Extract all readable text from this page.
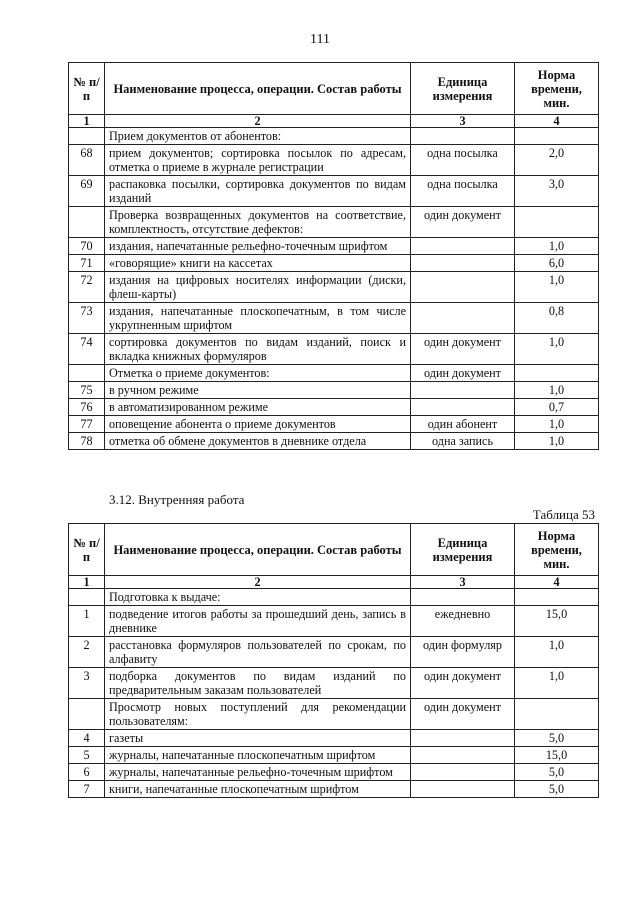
111
№ п/п	Наименование процесса, операции. Состав работы	Единица измерения	Норма времени, мин.
1	2	3	4
	Прием документов от абонентов:		
68	прием документов; сортировка посылок по адресам, отметка о приеме в журнале регистрации	одна посылка	2,0
69	распаковка посылки, сортировка документов по видам изданий	одна посылка	3,0
	Проверка возвращенных документов на соответствие, комплектность, отсутствие дефектов:	один документ	
70	издания, напечатанные рельефно-точечным шрифтом		1,0
71	«говорящие» книги на кассетах		6,0
72	издания на цифровых носителях информации (диски, флеш-карты)		1,0
73	издания, напечатанные плоскопечатным, в том числе укрупненным шрифтом		0,8
74	сортировка документов по видам изданий, поиск и вкладка книжных формуляров	один документ	1,0
	Отметка о приеме документов:	один документ	
75	в ручном режиме		1,0
76	в автоматизированном режиме		0,7
77	оповещение абонента о приеме документов	один абонент	1,0
78	отметка об обмене документов в дневнике отдела	одна запись	1,0
3.12. Внутренняя работа
Таблица 53
№ п/п	Наименование процесса, операции. Состав работы	Единица измерения	Норма времени, мин.
1	2	3	4
	Подготовка к выдаче:		
1	подведение итогов работы за прошедший день, запись в дневнике	ежедневно	15,0
2	расстановка формуляров пользователей по срокам, по алфавиту	один формуляр	1,0
3	подборка документов по видам изданий по предварительным заказам пользователей	один документ	1,0
	Просмотр новых поступлений для рекомендации пользователям:	один документ	
4	газеты		5,0
5	журналы, напечатанные плоскопечатным шрифтом		15,0
6	журналы, напечатанные рельефно-точечным шрифтом		5,0
7	книги, напечатанные плоскопечатным шрифтом		5,0
